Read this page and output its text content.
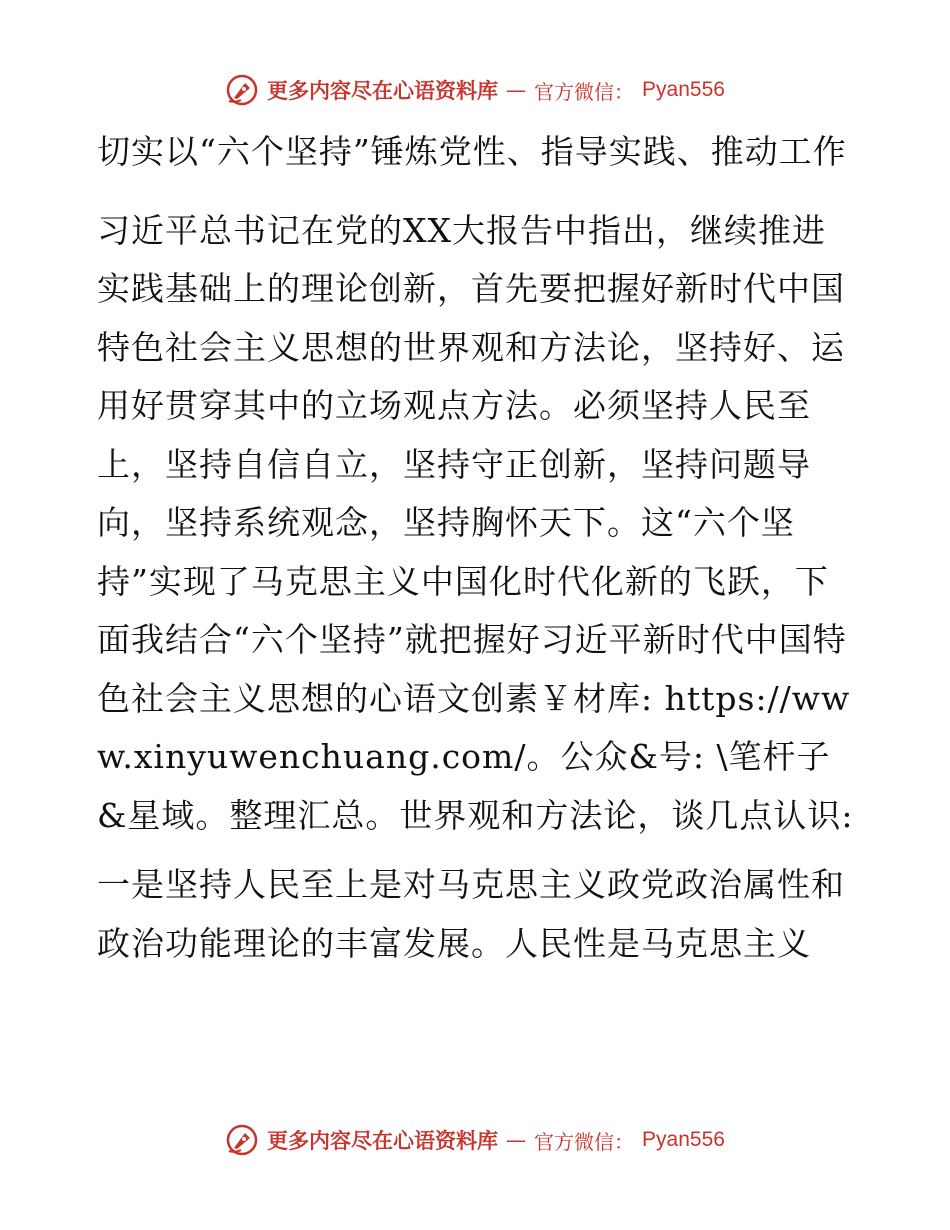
更多内容尽在心语资料库 — 官方微信： Pyan556

切实以“六个坚持”锤炼党性、指导实践、推动工作

习近平总书记在党的XX大报告中指出，继续推进实践基础上的理论创新，首先要把握好新时代中国特色社会主义思想的世界观和方法论，坚持好、运用好贯穿其中的立场观点方法。必须坚持人民至上，坚持自信自立，坚持守正创新，坚持问题导向，坚持系统观念，坚持胸怀天下。这“六个坚持”实现了马克思主义中国化时代化新的飞跃，下面我结合“六个坚持”就把握好习近平新时代中国特色社会主义思想的心语文创素￥材库: https://www.xinyuwenchuang.com/。公众&号: \笔杆子&星域。整理汇总。世界观和方法论，谈几点认识:

一是坚持人民至上是对马克思主义政党政治属性和政治功能理论的丰富发展。人民性是马克思主义

更多内容尽在心语资料库 — 官方微信： Pyan556
